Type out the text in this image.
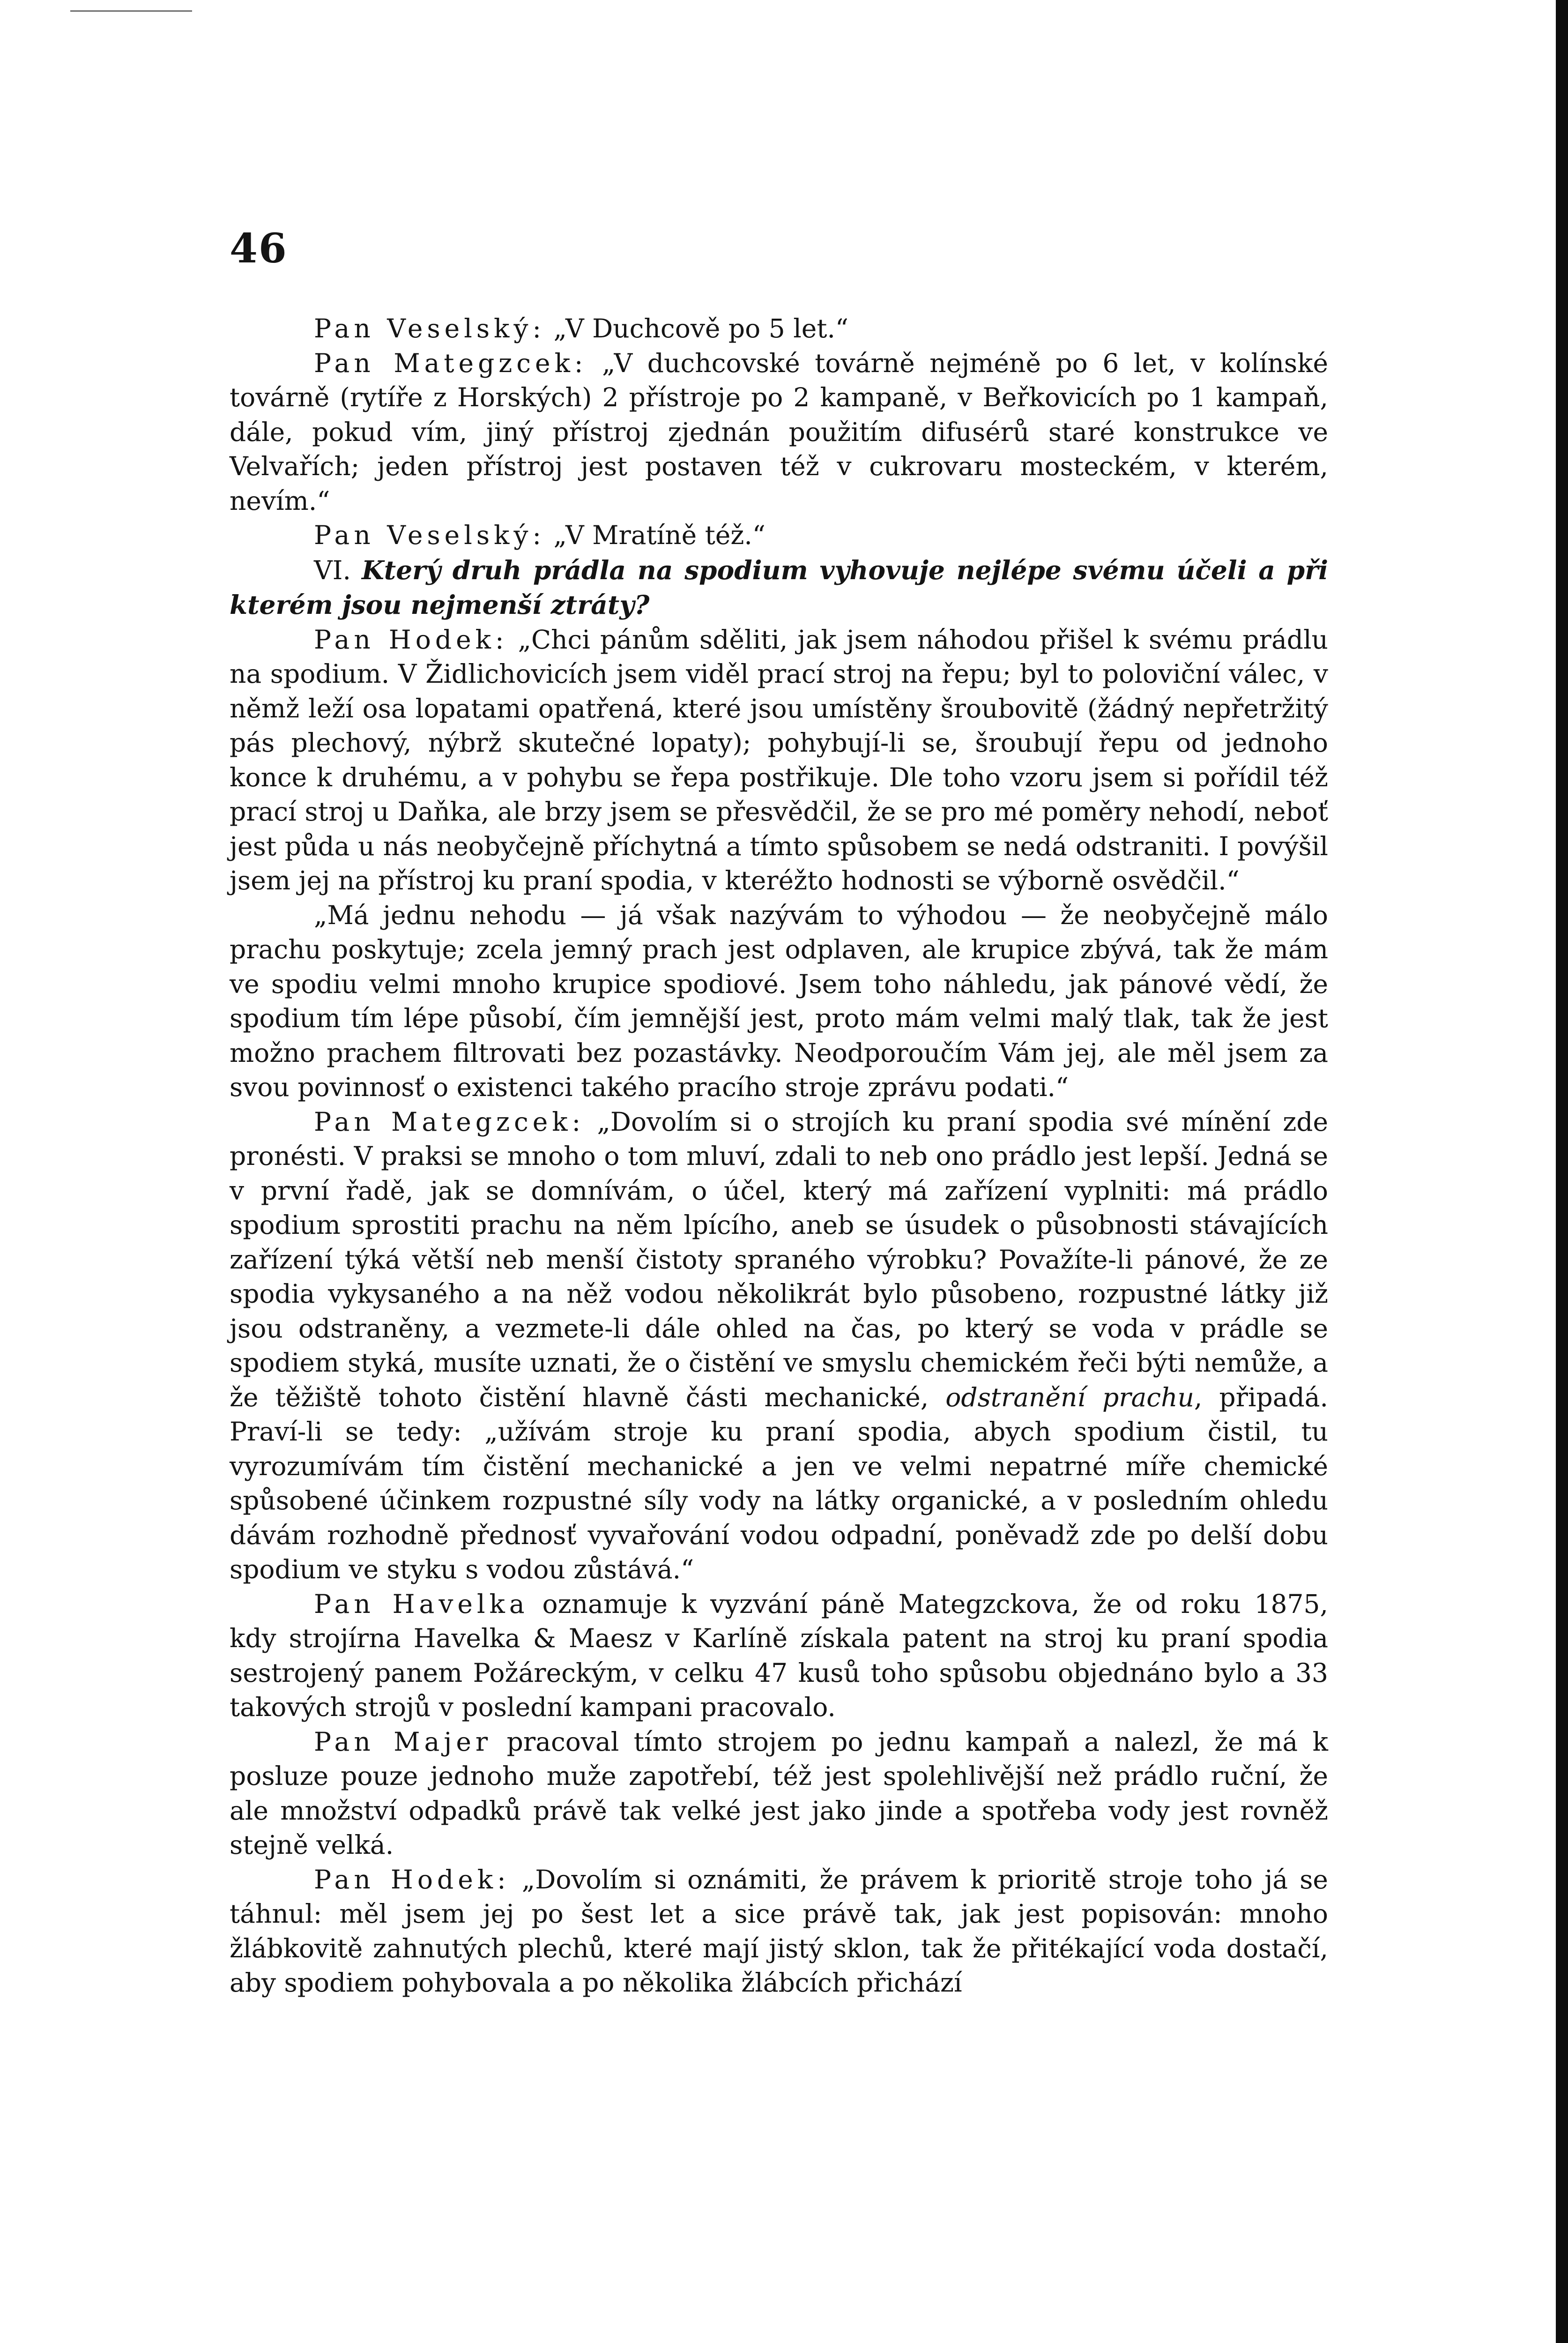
46

Pan Veselský: „V Duchcově po 5 let.“

Pan Mategzcek: „V duchcovské továrně nejméně po 6 let, v kolínské továrně (rytíře z Horských) 2 přístroje po 2 kampaně, v Beřkovicích po 1 kampaň, dále, pokud vím, jiný přístroj zjednán použitím difusérů staré konstrukce ve Velvařích; jeden přístroj jest postaven též v cukrovaru mosteckém, v kterém, nevím.“

Pan Veselský: „V Mratíně též.“

VI. Který druh prádla na spodium vyhovuje nejlépe svému účeli a při kterém jsou nejmenší ztráty?

Pan Hodek: „Chci pánům sděliti, jak jsem náhodou přišel k svému prádlu na spodium. V Židlichovicích jsem viděl prací stroj na řepu; byl to poloviční válec, v němž leží osa lopatami opatřená, které jsou umístěny šroubovitě (žádný nepřetržitý pás plechový, nýbrž skutečné lopaty); pohybují-li se, šroubují řepu od jednoho konce k druhému, a v pohybu se řepa postřikuje. Dle toho vzoru jsem si pořídil též prací stroj u Daňka, ale brzy jsem se přesvědčil, že se pro mé poměry nehodí, neboť jest půda u nás neobyčejně příchytná a tímto spůsobem se nedá odstraniti. I povýšil jsem jej na přístroj ku praní spodia, v kteréžto hodnosti se výborně osvědčil.“

„Má jednu nehodu — já však nazývám to výhodou — že neobyčejně málo prachu poskytuje; zcela jemný prach jest odplaven, ale krupice zbývá, tak že mám ve spodiu velmi mnoho krupice spodiové. Jsem toho náhledu, jak pánové vědí, že spodium tím lépe působí, čím jemnější jest, proto mám velmi malý tlak, tak že jest možno prachem filtrovati bez pozastávky. Neodporoučím Vám jej, ale měl jsem za svou povinnosť o existenci takého pracího stroje zprávu podati.“

Pan Mategzcek: „Dovolím si o strojích ku praní spodia své mínění zde pronésti. V praksi se mnoho o tom mluví, zdali to neb ono prádlo jest lepší. Jedná se v první řadě, jak se domnívám, o účel, který má zařízení vyplniti: má prádlo spodium sprostiti prachu na něm lpícího, aneb se úsudek o působnosti stávajících zařízení týká větší neb menší čistoty spraného výrobku? Považíte-li pánové, že ze spodia vykysaného a na něž vodou několikrát bylo působeno, rozpustné látky již jsou odstraněny, a vezmete-li dále ohled na čas, po který se voda v prádle se spodiem styká, musíte uznati, že o čistění ve smyslu chemickém řeči býti nemůže, a že těžiště tohoto čistění hlavně části mechanické, odstranění prachu, připadá. Praví-li se tedy: „užívám stroje ku praní spodia, abych spodium čistil, tu vyrozumívám tím čistění mechanické a jen ve velmi nepatrné míře chemické spůsobené účinkem rozpustné síly vody na látky organické, a v posledním ohledu dávám rozhodně přednosť vyvařování vodou odpadní, poněvadž zde po delší dobu spodium ve styku s vodou zůstává.“

Pan Havelka oznamuje k vyzvání páně Mategzckova, že od roku 1875, kdy strojírna Havelka & Maesz v Karlíně získala patent na stroj ku praní spodia sestrojený panem Požáreckým, v celku 47 kusů toho spůsobu objednáno bylo a 33 takových strojů v poslední kampani pracovalo.

Pan Majer pracoval tímto strojem po jednu kampaň a nalezl, že má k posluze pouze jednoho muže zapotřebí, též jest spolehlivější než prádlo ruční, že ale množství odpadků právě tak velké jest jako jinde a spotřeba vody jest rovněž stejně velká.

Pan Hodek: „Dovolím si oznámiti, že právem k prioritě stroje toho já se táhnul: měl jsem jej po šest let a sice právě tak, jak jest popisován: mnoho žlábkovitě zahnutých plechů, které mají jistý sklon, tak že přitékající voda dostačí, aby spodiem pohybovala a po několika žlábcích přichází
